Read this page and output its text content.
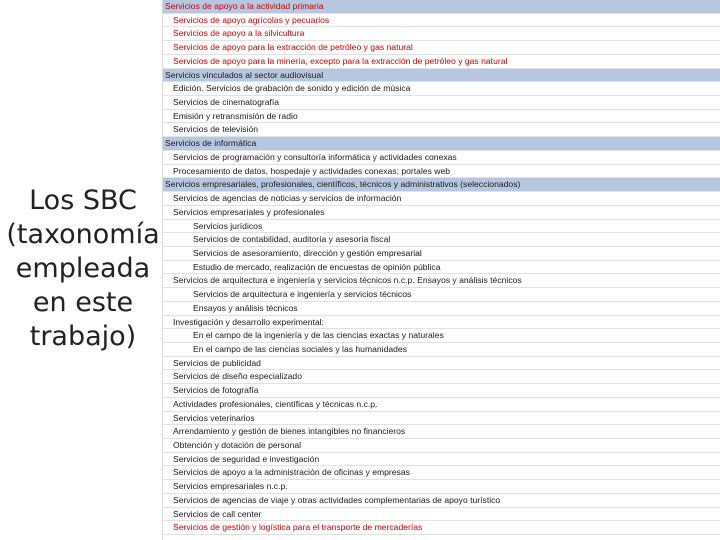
Los SBC
(taxonomía
empleada
en este
trabajo)
Servicios de apoyo a la actividad primaria
Servicios de apoyo agrícolas y pecuarios
Servicios de apoyo a la silvicultura
Servicios de apoyo para la extracción de petróleo y gas natural
Servicios de apoyo para la minería, excepto para la extracción de petróleo y gas natural
Servicios vinculados al sector audiovisual
Edición. Servicios de grabación de sonido y edición de música
Servicios de cinematografía
Emisión y retransmisión de radio
Servicios de televisión
Servicios de informática
Servicios de programación y consultoría informática y actividades conexas
Procesamiento de datos, hospedaje y actividades conexas; portales web
Servicios empresariales, profesionales, científicos, técnicos y administrativos (seleccionados)
Servicios de agencias de noticias y servicios de información
Servicios empresariales y profesionales
Servicios jurídicos
Servicios de contabilidad, auditoría y asesoría fiscal
Servicios de asesoramiento, dirección y gestión empresarial
Estudio de mercado, realización de encuestas de opinión pública
Servicios de arquitectura e ingeniería y servicios técnicos n.c.p. Ensayos y análisis técnicos
Servicios de arquitectura e ingeniería y servicios técnicos
Ensayos y análisis técnicos
Investigación y desarrollo experimental:
En el campo de la ingeniería y de las ciencias exactas y naturales
En el campo de las ciencias sociales y las humanidades
Servicios de publicidad
Servicios de diseño especializado
Servicios de fotografía
Actividades profesionales, científicas y técnicas n.c.p.
Servicios veterinarios
Arrendamiento y gestión de bienes intangibles no financieros
Obtención y dotación de personal
Servicios de seguridad e investigación
Servicios de apoyo a la administración de oficinas y empresas
Servicios empresariales n.c.p.
Servicios de agencias de viaje y otras actividades complementarias de apoyo turístico
Servicios de call center
Servicios de gestión y logística para el transporte de mercaderías
